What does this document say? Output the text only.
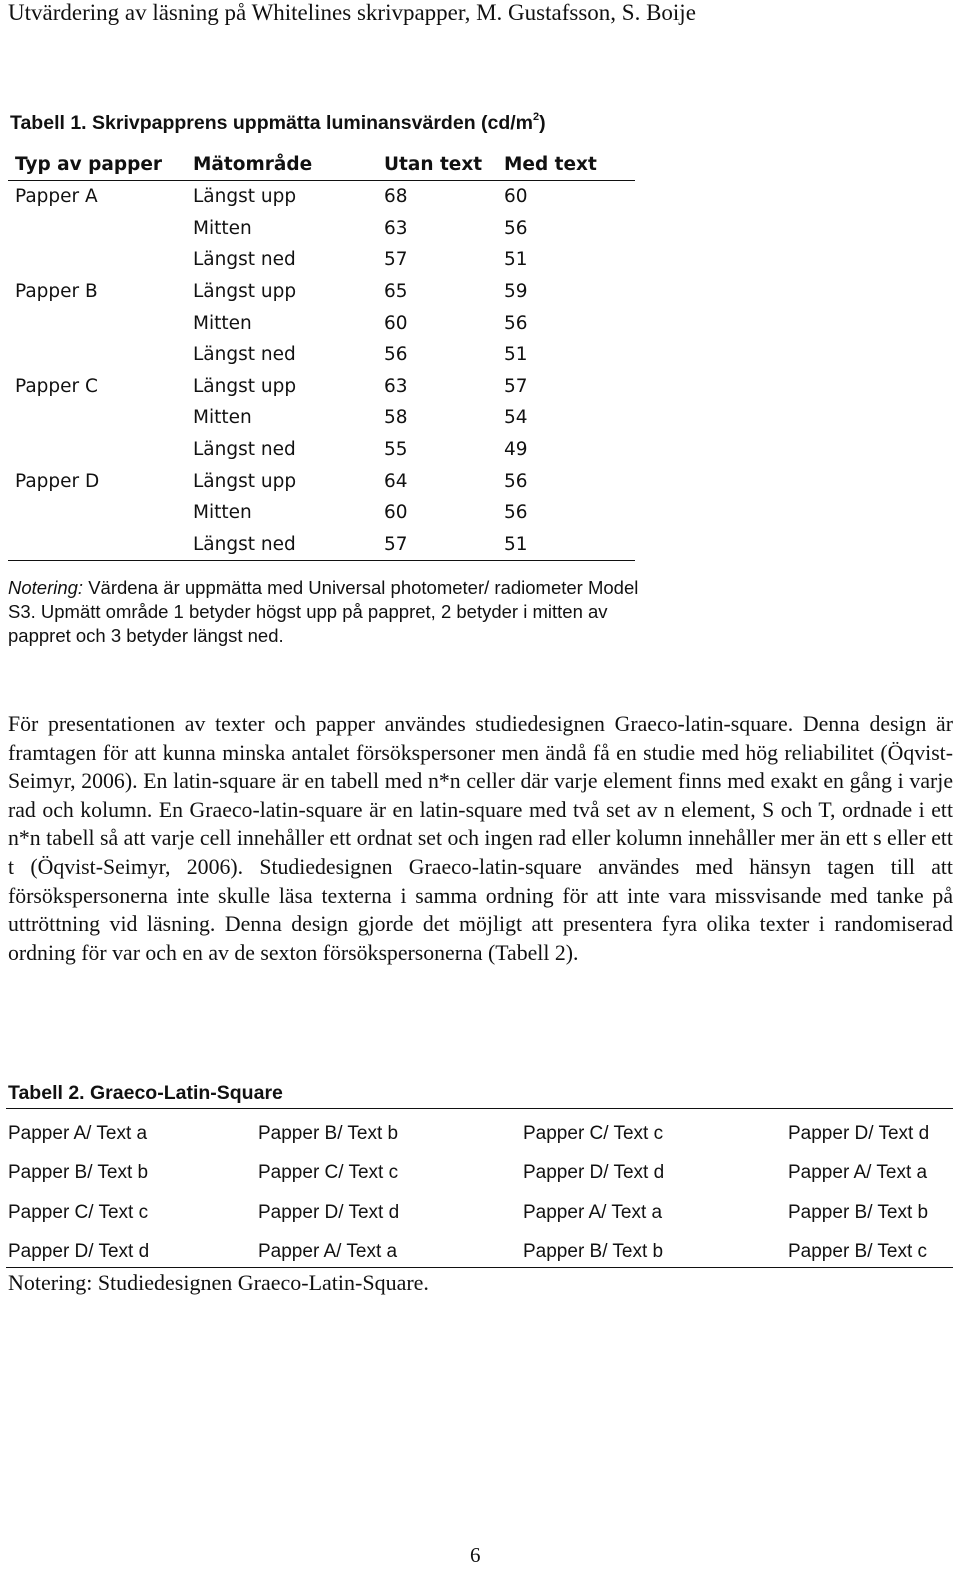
Utvärdering av läsning på Whitelines skrivpapper, M. Gustafsson, S. Boije
Tabell 1. Skrivpapprens uppmätta luminansvärden $(cd/m^2)$
Typ av papper	Mätområde	Utan text	Med text
Papper A	Längst upp	68	60
	Mitten	63	56
	Längst ned	57	51
Papper B	Längst upp	65	59
	Mitten	60	56
	Längst ned	56	51
Papper C	Längst upp	63	57
	Mitten	58	54
	Längst ned	55	49
Papper D	Längst upp	64	56
	Mitten	60	56
	Längst ned	57	51
Notering: Värdena är uppmätta med Universal photometer/ radiometer Model S3. Upmätt område 1 betyder högst upp på pappret, 2 betyder i mitten av pappret och 3 betyder längst ned.

För presentationen av texter och papper användes studiedesignen Graeco-latin-square. Denna design är framtagen för att kunna minska antalet försökspersoner men ändå få en studie med hög reliabilitet (Öqvist-Seimyr, 2006). En latin-square är en tabell med n*n celler där varje element finns med exakt en gång i varje rad och kolumn. En Graeco-latin-square är en latin-square med två set av n element, S och T, ordnade i ett n*n tabell så att varje cell innehåller ett ordnat set och ingen rad eller kolumn innehåller mer än ett s eller ett t (Öqvist-Seimyr, 2006). Studiedesignen Graeco-latin-square användes med hänsyn tagen till att försökspersonerna inte skulle läsa texterna i samma ordning för att inte vara missvisande med tanke på uttröttning vid läsning. Denna design gjorde det möjligt att presentera fyra olika texter i randomiserad ordning för var och en av de sexton försökspersonerna (Tabell 2).

Tabell 2. Graeco-Latin-Square
Papper A/ Text a	Papper B/ Text b	Papper C/ Text c	Papper D/ Text d
Papper B/ Text b	Papper C/ Text c	Papper D/ Text d	Papper A/ Text a
Papper C/ Text c	Papper D/ Text d	Papper A/ Text a	Papper B/ Text b
Papper D/ Text d	Papper A/ Text a	Papper B/ Text b	Papper B/ Text c
Notering: Studiedesignen Graeco-Latin-Square.
6
